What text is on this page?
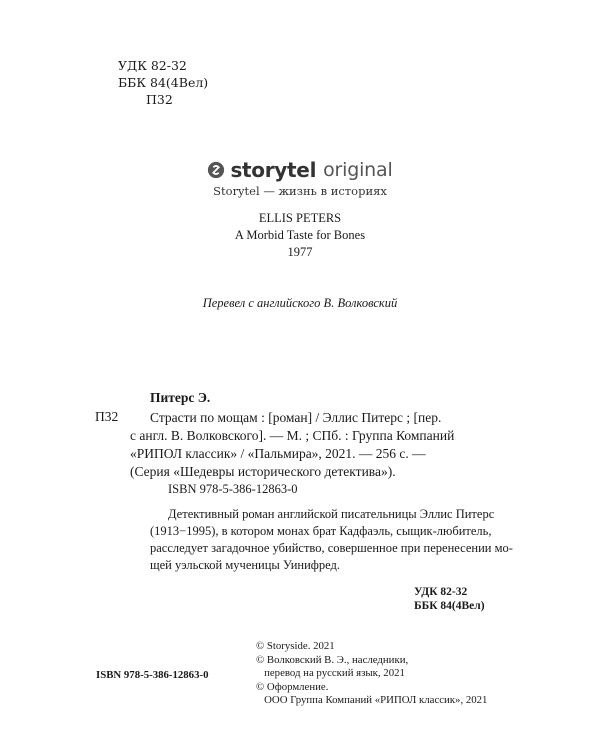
УДК 82-32
ББК 84(4Вел)
П32
storytel original
Storytel — жизнь в историях
ELLIS PETERS
A Morbid Taste for Bones
1977
Перевел с английского В. Волковский
Питерс Э.
П32 Страсти по мощам : [роман] / Эллис Питерс ; [пер.
с англ. В. Волковского]. — М. ; СПб. : Группа Компаний
«РИПОЛ классик» / «Пальмира», 2021. — 256 с. —
(Серия «Шедевры исторического детектива»).
ISBN 978-5-386-12863-0
Детективный роман английской писательницы Эллис Питерс
(1913−1995), в котором монах брат Кадфаэль, сыщик-любитель,
расследует загадочное убийство, совершенное при перенесении мо-
щей уэльской мученицы Уинифред.
УДК 82-32
ББК 84(4Вел)
© Storyside. 2021
© Волковский В. Э., наследники,
перевод на русский язык, 2021
© Оформление.
ООО Группа Компаний «РИПОЛ классик», 2021
ISBN 978-5-386-12863-0
